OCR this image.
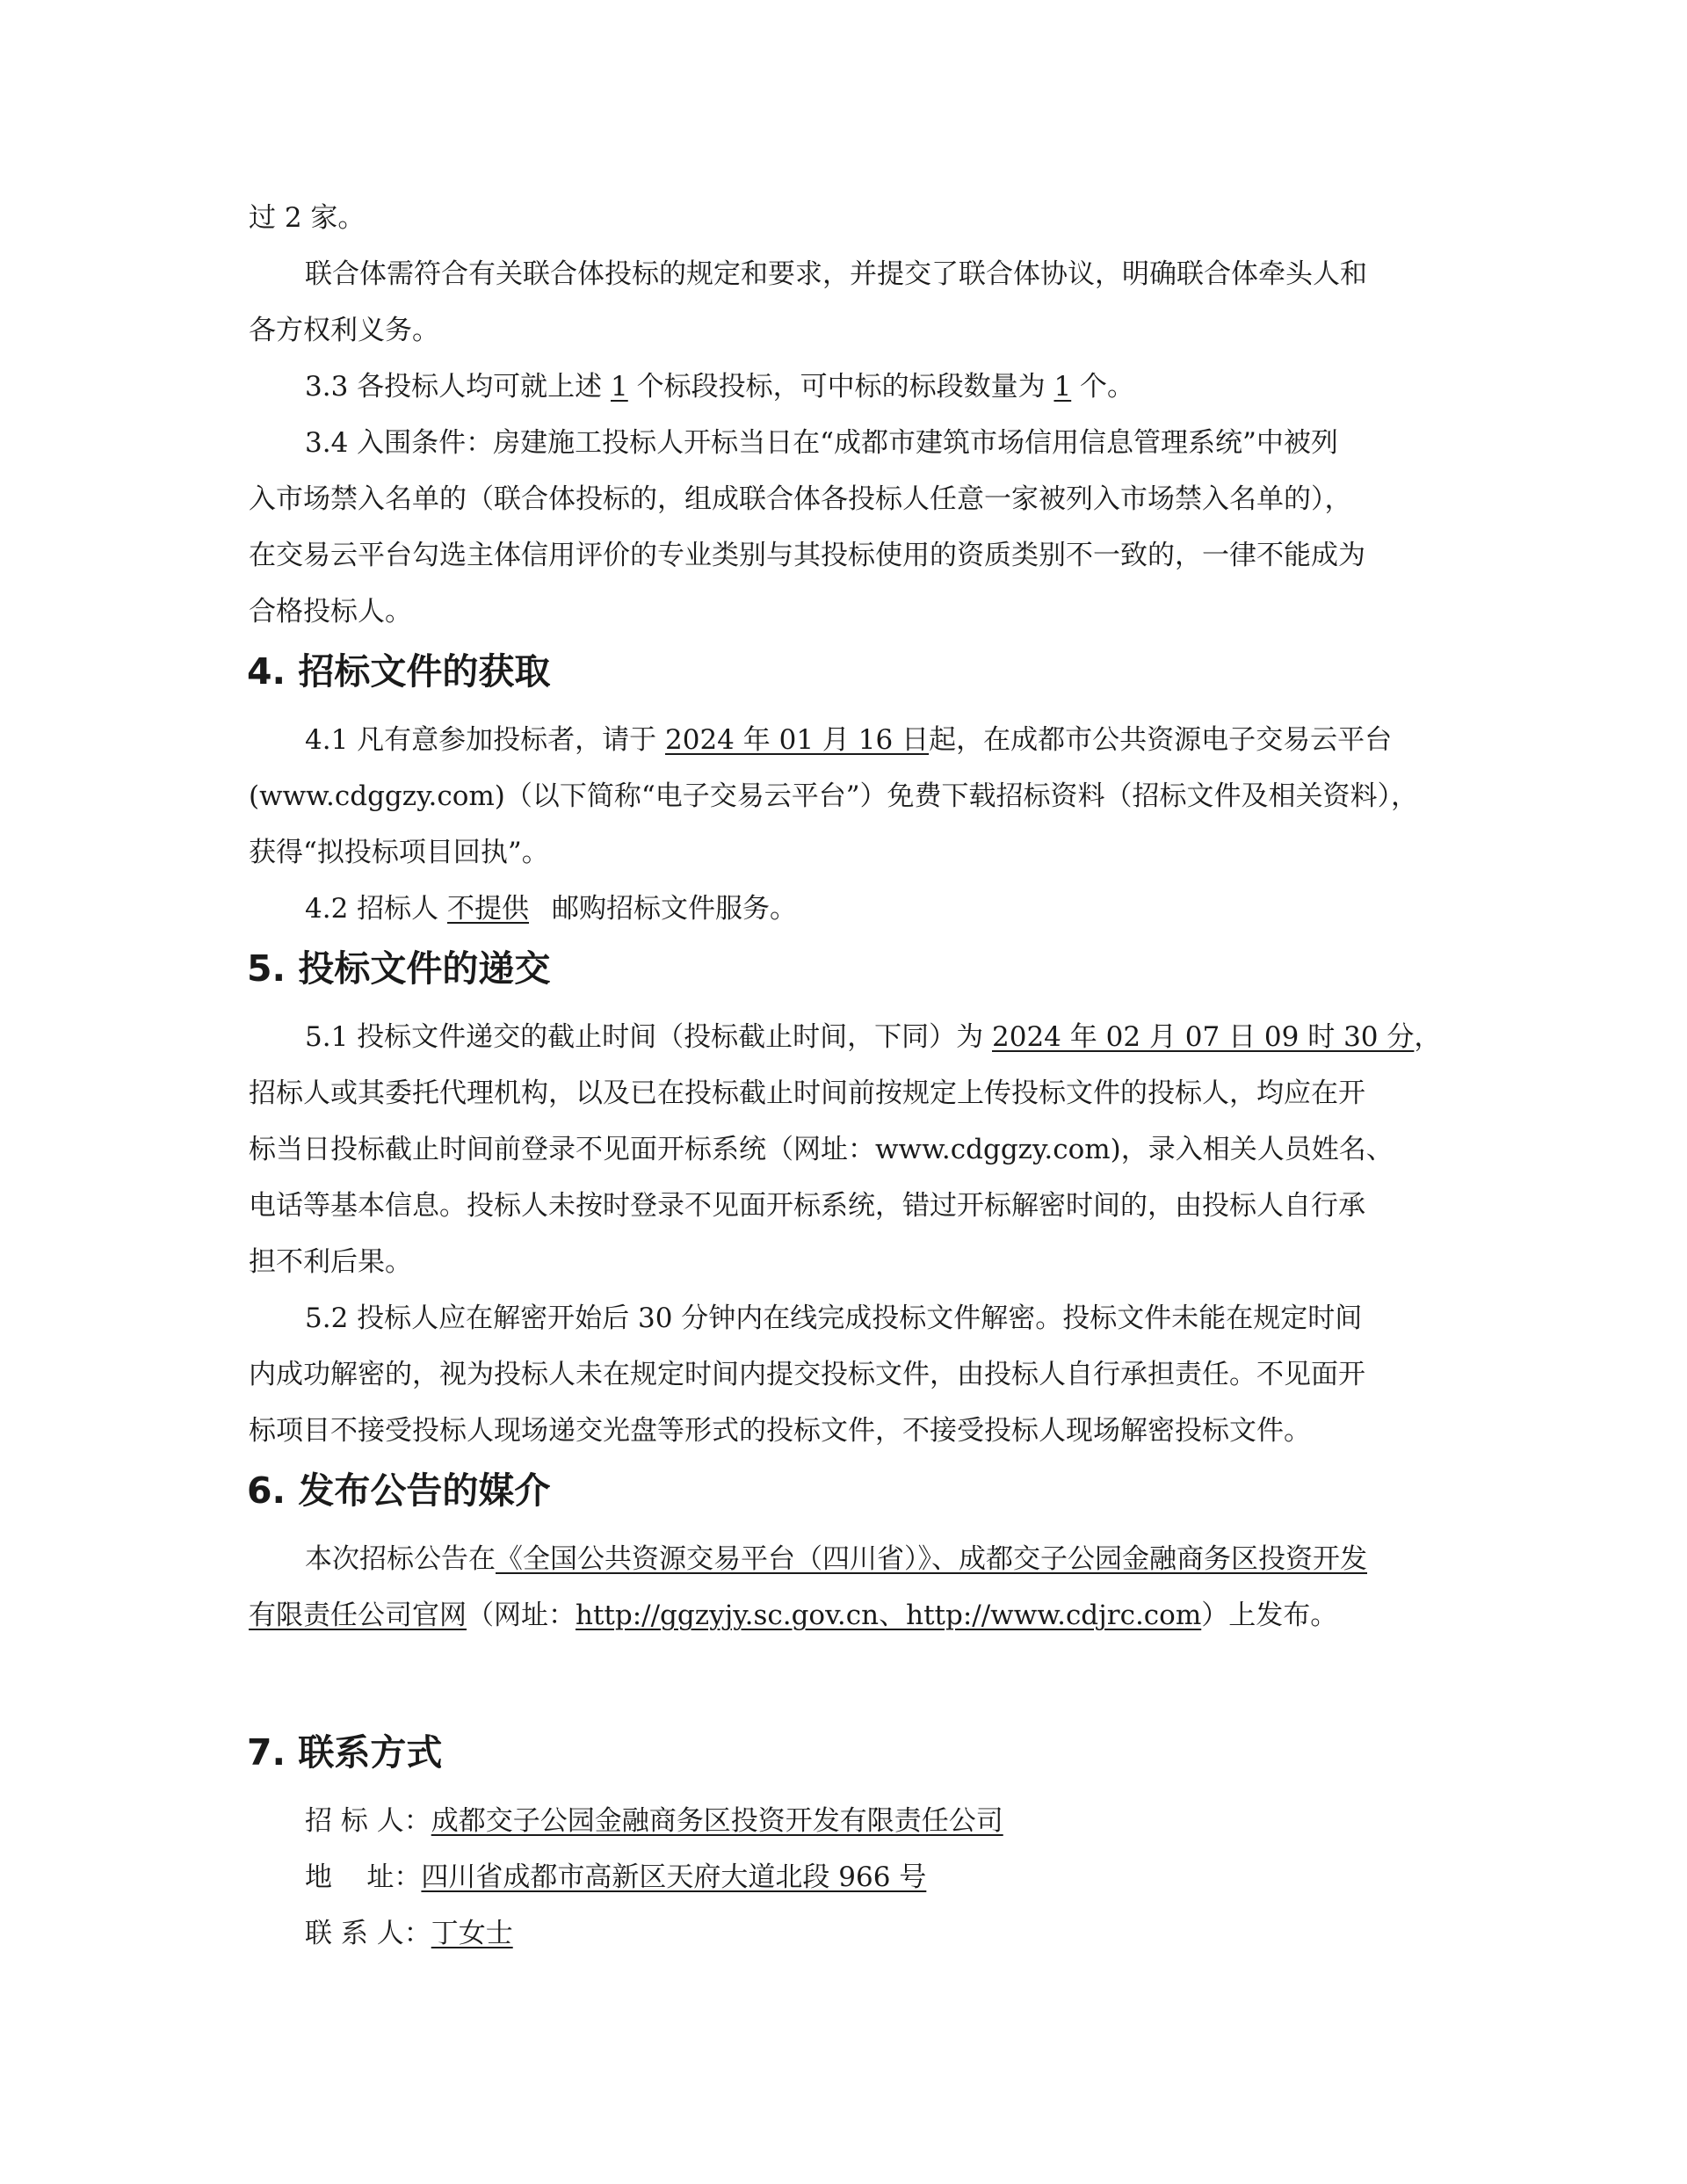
过 2 家。
联合体需符合有关联合体投标的规定和要求，并提交了联合体协议，明确联合体牵头人和
各方权利义务。
3.3 各投标人均可就上述 1 个标段投标，可中标的标段数量为 1 个。
3.4 入围条件：房建施工投标人开标当日在“成都市建筑市场信用信息管理系统”中被列
入市场禁入名单的（联合体投标的，组成联合体各投标人任意一家被列入市场禁入名单的），
在交易云平台勾选主体信用评价的专业类别与其投标使用的资质类别不一致的，一律不能成为
合格投标人。
4. 招标文件的获取
4.1 凡有意参加投标者，请于 2024 年 01 月 16 日起，在成都市公共资源电子交易云平台
(www.cdggzy.com)（以下简称“电子交易云平台”）免费下载招标资料（招标文件及相关资料），
获得“拟投标项目回执”。
4.2 招标人 不提供 邮购招标文件服务。
5. 投标文件的递交
5.1 投标文件递交的截止时间（投标截止时间，下同）为 2024 年 02 月 07 日 09 时 30 分，
招标人或其委托代理机构，以及已在投标截止时间前按规定上传投标文件的投标人，均应在开
标当日投标截止时间前登录不见面开标系统（网址：www.cdggzy.com)，录入相关人员姓名、
电话等基本信息。投标人未按时登录不见面开标系统，错过开标解密时间的，由投标人自行承
担不利后果。
5.2 投标人应在解密开始后 30 分钟内在线完成投标文件解密。投标文件未能在规定时间
内成功解密的，视为投标人未在规定时间内提交投标文件，由投标人自行承担责任。不见面开
标项目不接受投标人现场递交光盘等形式的投标文件，不接受投标人现场解密投标文件。
6. 发布公告的媒介
本次招标公告在《全国公共资源交易平台（四川省）》、成都交子公园金融商务区投资开发
有限责任公司官网（网址：http://ggzyjy.sc.gov.cn、http://www.cdjrc.com）上发布。
7. 联系方式
招 标 人：成都交子公园金融商务区投资开发有限责任公司
地    址：四川省成都市高新区天府大道北段 966 号
联 系 人：丁女士
